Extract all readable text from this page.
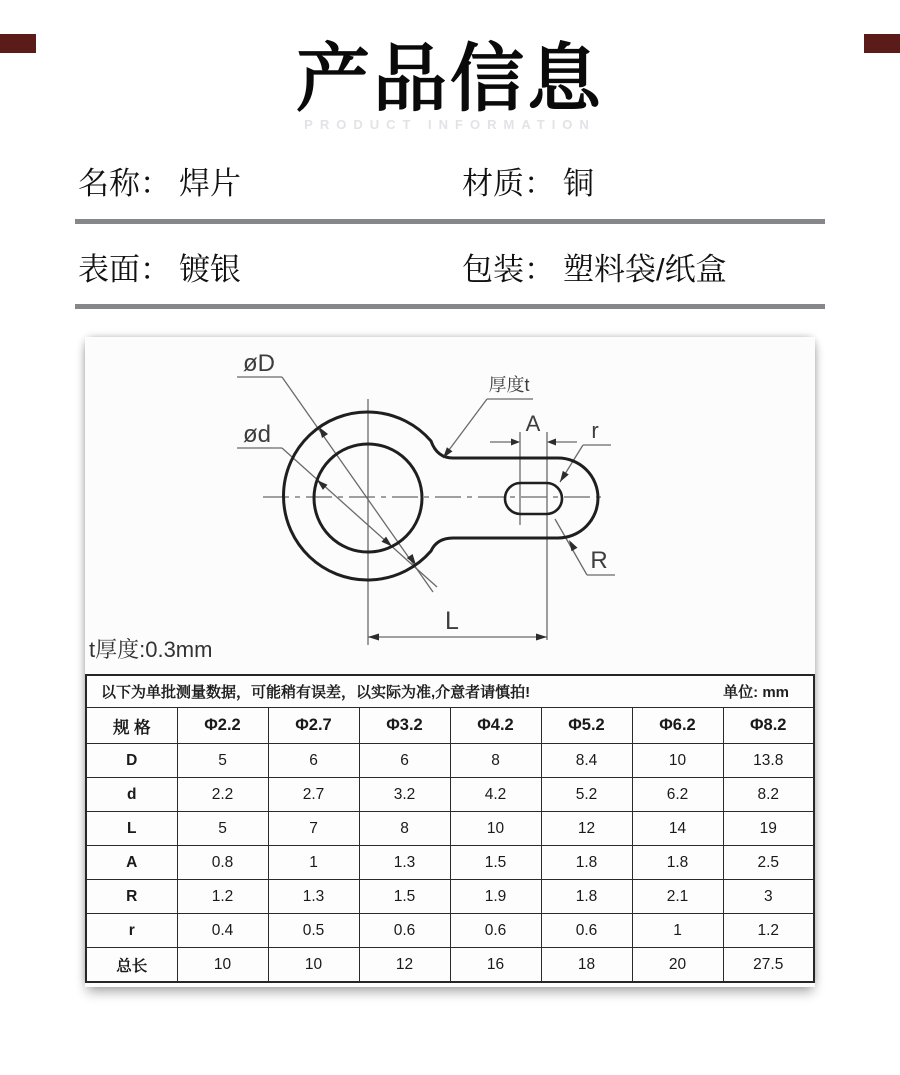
产品信息
PRODUCT INFORMATION
名称： 焊片	材质： 铜
表面： 镀银	包装： 塑料袋/纸盒
øD
ød
厚度t
A r
R
L
t厚度:0.3mm
以下为单批测量数据，可能稍有误差，以实际为准,介意者请慎拍! 单位: mm							

规 格	Φ2.2	Φ2.7	Φ3.2	Φ4.2	Φ5.2	Φ6.2	Φ8.2
D	5	6	6	8	8.4	10	13.8
d	2.2	2.7	3.2	4.2	5.2	6.2	8.2
L	5	7	8	10	12	14	19
A	0.8	1	1.3	1.5	1.8	1.8	2.5
R	1.2	1.3	1.5	1.9	1.8	2.1	3
r	0.4	0.5	0.6	0.6	0.6	1	1.2
总长	10	10	12	16	18	20	27.5
